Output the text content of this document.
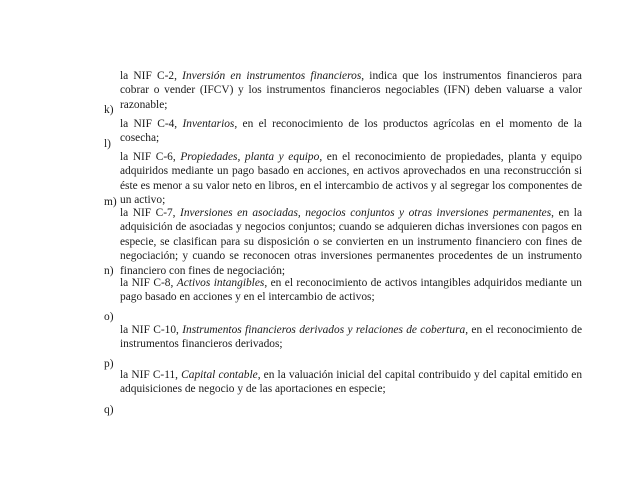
la NIF C-2, Inversión en instrumentos financieros, indica que los instrumentos financieros para cobrar o vender (IFCV) y los instrumentos financieros negociables (IFN) deben valuarse a valor razonable;

k)

la NIF C-4, Inventarios, en el reconocimiento de los productos agrícolas en el momento de la cosecha;

l)

la NIF C-6, Propiedades, planta y equipo, en el reconocimiento de propiedades, planta y equipo adquiridos mediante un pago basado en acciones, en activos aprovechados en una reconstrucción si éste es menor a su valor neto en libros, en el intercambio de activos y al segregar los componentes de un activo;

m)

la NIF C-7, Inversiones en asociadas, negocios conjuntos y otras inversiones permanentes, en la adquisición de asociadas y negocios conjuntos; cuando se adquieren dichas inversiones con pagos en especie, se clasifican para su disposición o se convierten en un instrumento financiero con fines de negociación; y cuando se reconocen otras inversiones permanentes procedentes de un instrumento financiero con fines de negociación;

n)

la NIF C-8, Activos intangibles, en el reconocimiento de activos intangibles adquiridos mediante un pago basado en acciones y en el intercambio de activos;

o)

la NIF C-10, Instrumentos financieros derivados y relaciones de cobertura, en el reconocimiento de instrumentos financieros derivados;

p)

la NIF C-11, Capital contable, en la valuación inicial del capital contribuido y del capital emitido en adquisiciones de negocio y de las aportaciones en especie;

q)
